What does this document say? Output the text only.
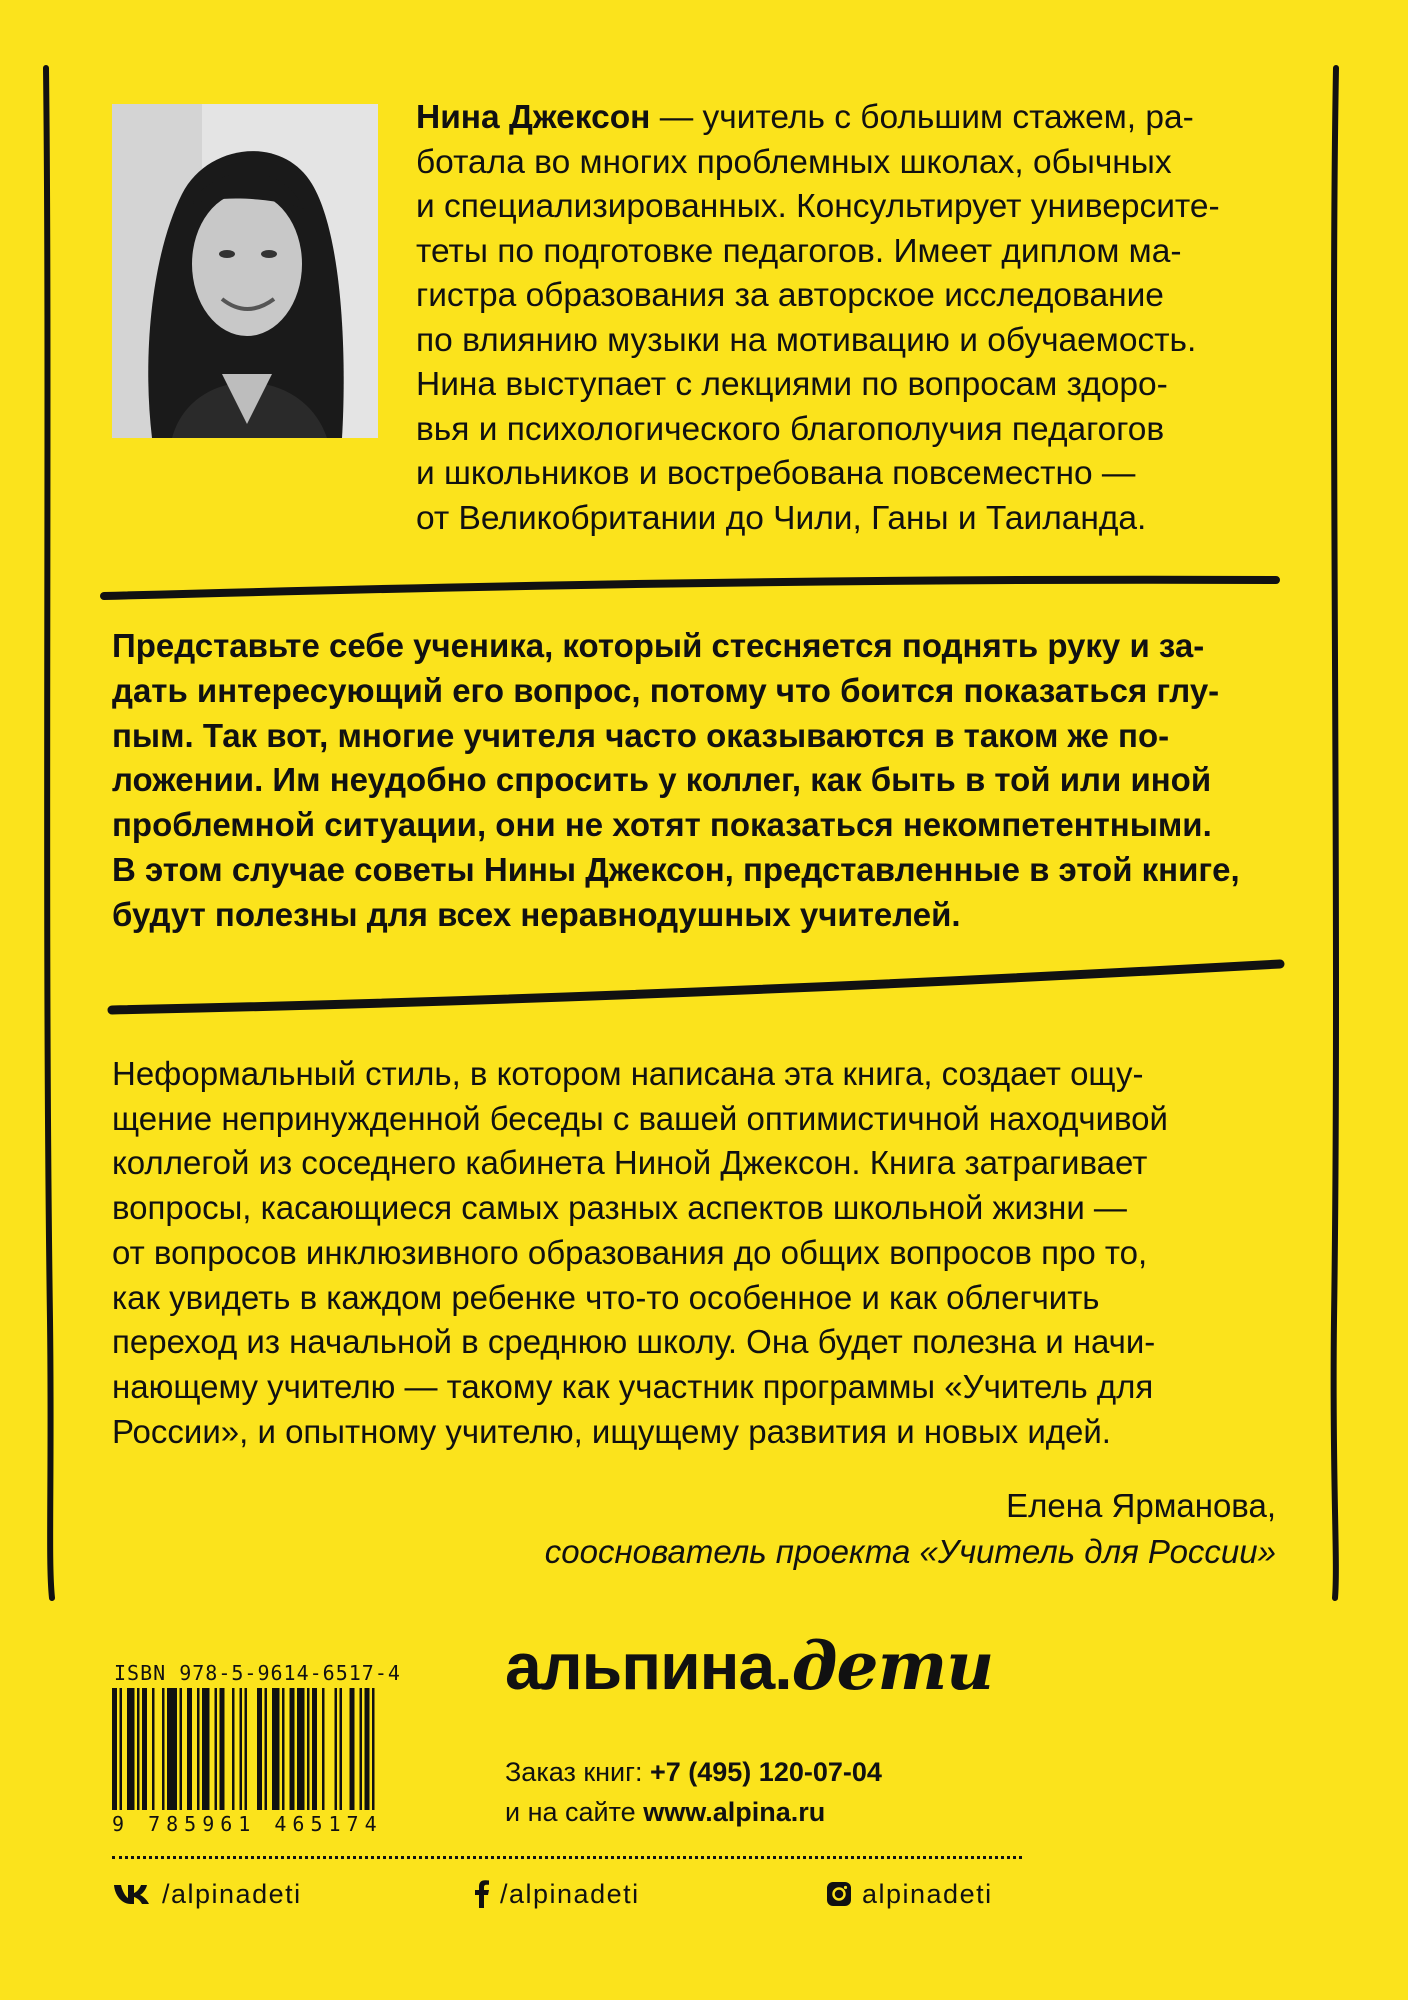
Нина Джексон — учитель с большим стажем, ра-
ботала во многих проблемных школах, обычных
и специализированных. Консультирует университе-
теты по подготовке педагогов. Имеет диплом ма-
гистра образования за авторское исследование
по влиянию музыки на мотивацию и обучаемость.
Нина выступает с лекциями по вопросам здоро-
вья и психологического благополучия педагогов
и школьников и востребована повсеместно —
от Великобритании до Чили, Ганы и Таиланда.

Представьте себе ученика, который стесняется поднять руку и за-
дать интересующий его вопрос, потому что боится показаться глу-
пым. Так вот, многие учителя часто оказываются в таком же по-
ложении. Им неудобно спросить у коллег, как быть в той или иной
проблемной ситуации, они не хотят показаться некомпетентными.
В этом случае советы Нины Джексон, представленные в этой книге,
будут полезны для всех неравнодушных учителей.

Неформальный стиль, в котором написана эта книга, создает ощу-
щение непринужденной беседы с вашей оптимистичной находчивой
коллегой из соседнего кабинета Ниной Джексон. Книга затрагивает
вопросы, касающиеся самых разных аспектов школьной жизни —
от вопросов инклюзивного образования до общих вопросов про то,
как увидеть в каждом ребенке что-то особенное и как облегчить
переход из начальной в среднюю школу. Она будет полезна и начи-
нающему учителю — такому как участник программы «Учитель для
России», и опытному учителю, ищущему развития и новых идей.

Елена Ярманова,
сооснователь проекта «Учитель для России»
ISBN 978-5-9614-6517-4
9 785961 465174
альпина.дети
Заказ книг: +7 (495) 120-07-04
и на сайте www.alpina.ru
/alpinadeti	/alpinadeti	alpinadeti
